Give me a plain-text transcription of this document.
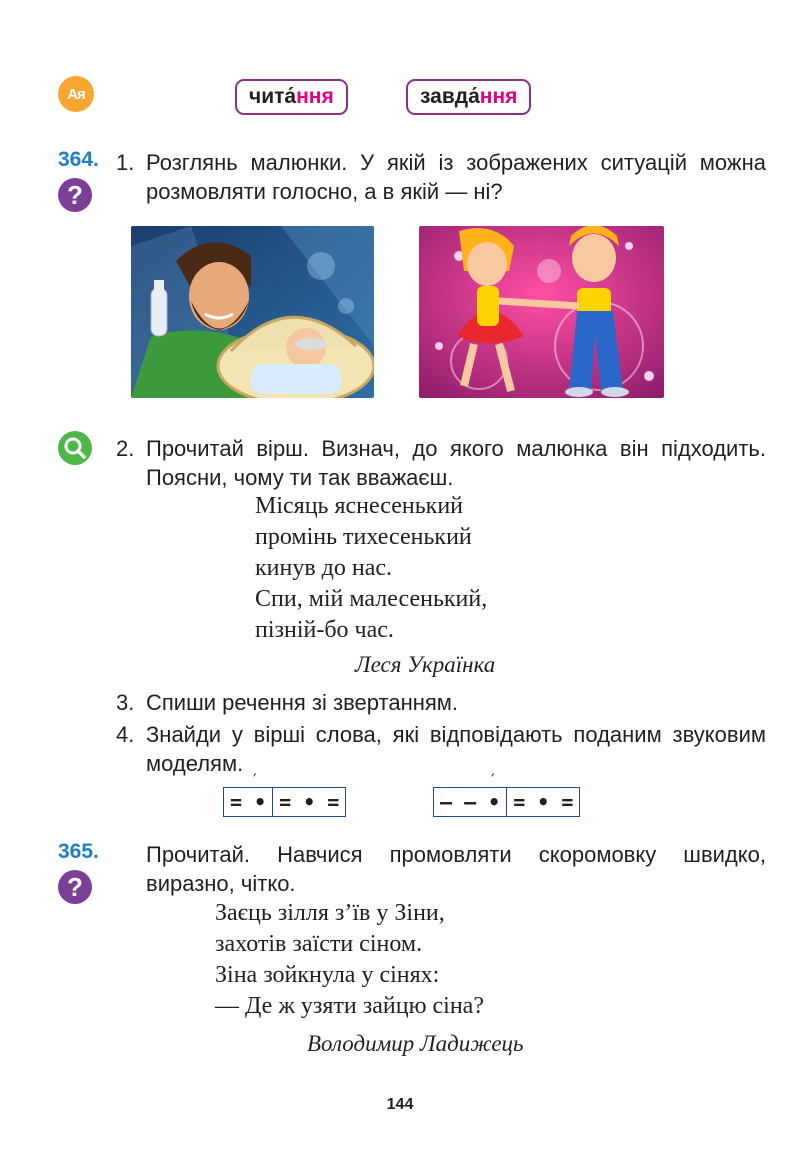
Ая	чита́ ння	завда́ ння
364.
?
1. Розглянь малюнки. У якій із зображених ситуацій можна розмовляти голосно, а в якій — ні?
2. Прочитай вірш. Визнач, до якого малюнка він підходить. Поясни, чому ти так вважаєш.
Місяць яснесенький
промінь тихесенький
кинув до нас.
Спи, мій малесенький,
пізній-бо час.
Леся Українка
3. Спиши речення зі звертанням.
4. Знайди у вірші слова, які відповідають поданим звуковим моделям.
′
= • = • =
′
— — • = • =
365.
?
Прочитай. Навчися промовляти скоромовку швидко, виразно, чітко.
Заєць зілля з’їв у Зіни,
захотів заїсти сіном.
Зіна зойкнула у сінях:
— Де ж узяти зайцю сіна?
Володимир Ладижець
144
